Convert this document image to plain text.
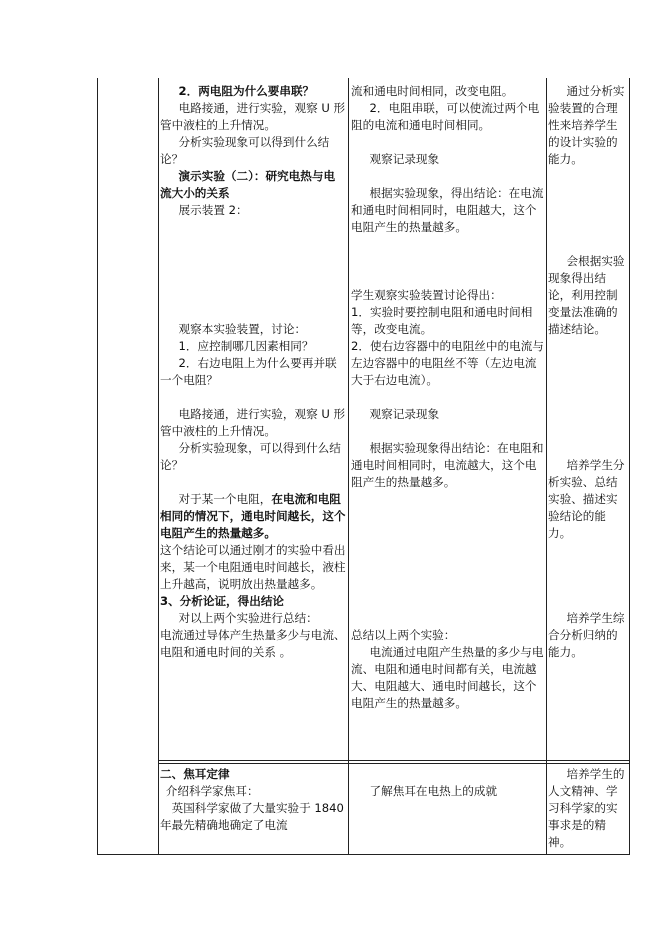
2．两电阻为什么要串联？

电路接通，进行实验，观察 U 形管中液柱的上升情况。

分析实验现象可以得到什么结论？

演示实验（二）：研究电热与电流大小的关系

展示装置 2：

观察本实验装置，讨论：

1．应控制哪几因素相同？

2．右边电阻上为什么要再并联一个电阻？

电路接通，进行实验，观察 U 形管中液柱的上升情况。

分析实验现象，可以得到什么结论？

对于某一个电阻，在电流和电阻相同的情况下，通电时间越长，这个电阻产生的热量越多。

这个结论可以通过刚才的实验中看出来，某一个电阻通电时间越长，液柱上升越高，说明放出热量越多。

3、分析论证，得出结论

对以上两个实验进行总结：

电流通过导体产生热量多少与电流、电阻和通电时间的关系 。

流和通电时间相同，改变电阻。

2．电阻串联，可以使流过两个电阻的电流和通电时间相同。

观察记录现象

根据实验现象，得出结论：在电流和通电时间相同时，电阻越大，这个电阻产生的热量越多。

学生观察实验装置讨论得出：

1．实验时要控制电阻和通电时间相等，改变电流。

2．使右边容器中的电阻丝中的电流与左边容器中的电阻丝不等（左边电流大于右边电流）。

观察记录现象

根据实验现象得出结论：在电阻和通电时间相同时，电流越大，这个电阻产生的热量越多。

总结以上两个实验：

电流通过电阻产生热量的多少与电流、电阻和通电时间都有关，电流越大、电阻越大、通电时间越长，这个电阻产生的热量越多。

通过分析实验装置的合理性来培养学生的设计实验的能力。

会根据实验现象得出结论，利用控制变量法准确的描述结论。

培养学生分析实验、总结实验、描述实验结论的能力。

培养学生综合分析归纳的能力。

二、焦耳定律

介绍科学家焦耳：

英国科学家做了大量实验于 1840 年最先精确地确定了电流

了解焦耳在电热上的成就

培养学生的人文精神、学习科学家的实事求是的精神。
